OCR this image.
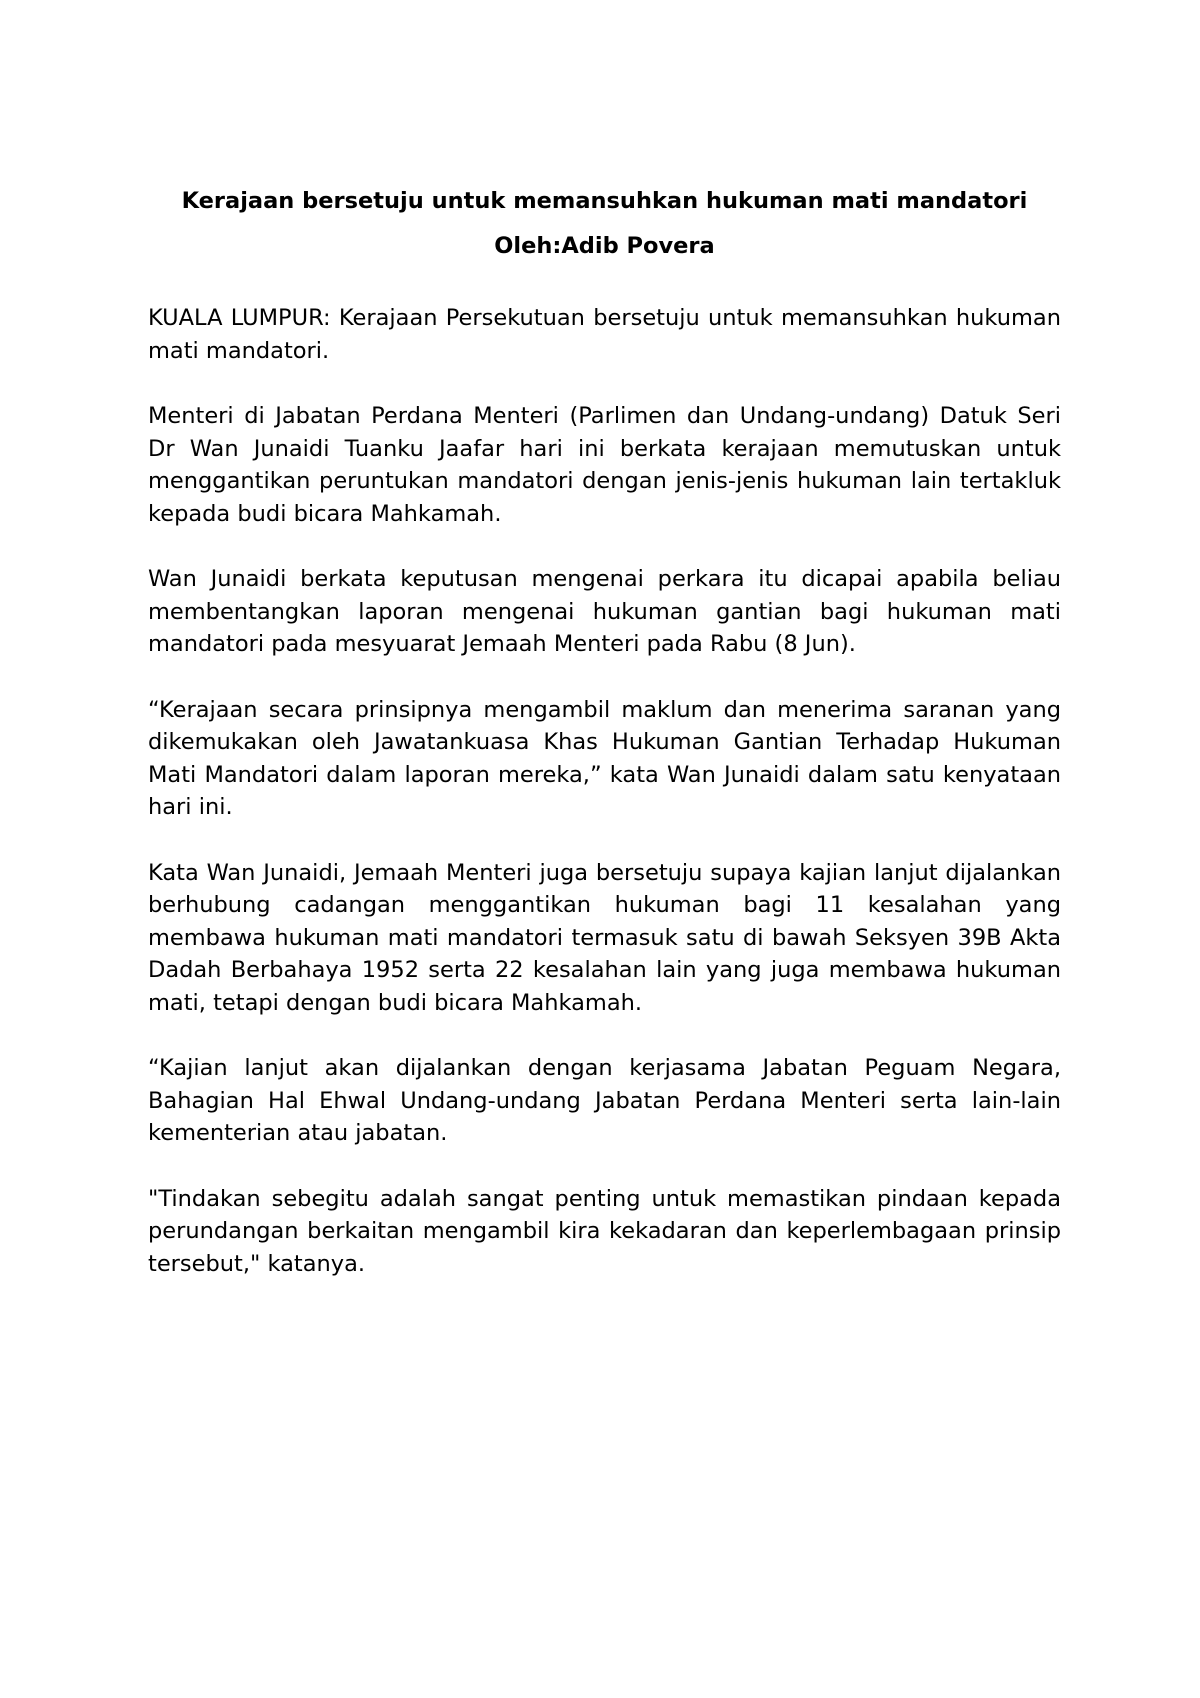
Kerajaan bersetuju untuk memansuhkan hukuman mati mandatori

Oleh:Adib Povera

KUALA LUMPUR: Kerajaan Persekutuan bersetuju untuk memansuhkan hukuman mati mandatori.

Menteri di Jabatan Perdana Menteri (Parlimen dan Undang-undang) Datuk Seri Dr Wan Junaidi Tuanku Jaafar hari ini berkata kerajaan memutuskan untuk menggantikan peruntukan mandatori dengan jenis-jenis hukuman lain tertakluk kepada budi bicara Mahkamah.

Wan Junaidi berkata keputusan mengenai perkara itu dicapai apabila beliau membentangkan laporan mengenai hukuman gantian bagi hukuman mati mandatori pada mesyuarat Jemaah Menteri pada Rabu (8 Jun).

“Kerajaan secara prinsipnya mengambil maklum dan menerima saranan yang dikemukakan oleh Jawatankuasa Khas Hukuman Gantian Terhadap Hukuman Mati Mandatori dalam laporan mereka,” kata Wan Junaidi dalam satu kenyataan hari ini.

Kata Wan Junaidi, Jemaah Menteri juga bersetuju supaya kajian lanjut dijalankan berhubung cadangan menggantikan hukuman bagi 11 kesalahan yang membawa hukuman mati mandatori termasuk satu di bawah Seksyen 39B Akta Dadah Berbahaya 1952 serta 22 kesalahan lain yang juga membawa hukuman mati, tetapi dengan budi bicara Mahkamah.

“Kajian lanjut akan dijalankan dengan kerjasama Jabatan Peguam Negara, Bahagian Hal Ehwal Undang-undang Jabatan Perdana Menteri serta lain-lain kementerian atau jabatan.

"Tindakan sebegitu adalah sangat penting untuk memastikan pindaan kepada perundangan berkaitan mengambil kira kekadaran dan keperlembagaan prinsip tersebut," katanya.
